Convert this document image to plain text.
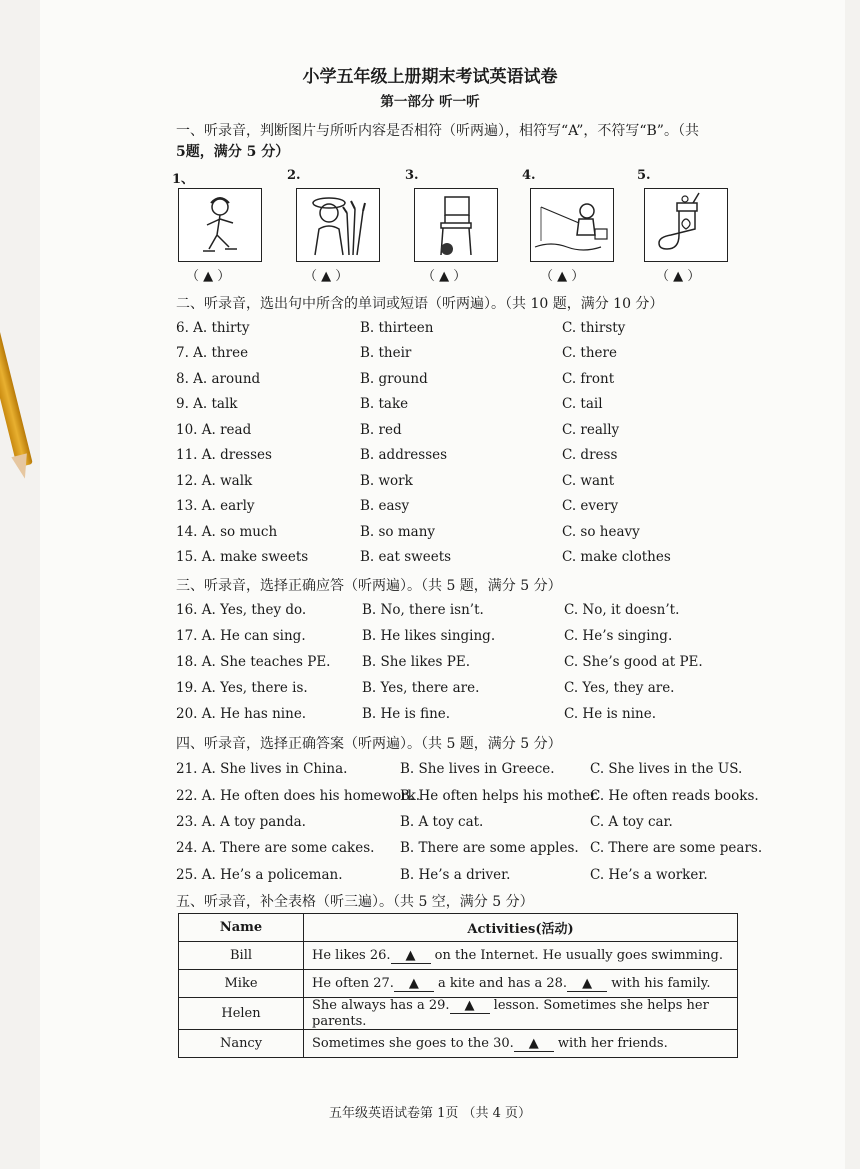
小学五年级上册期末考试英语试卷
第一部分 听一听
一、听录音，判断图片与所听内容是否相符（听两遍），相符写“A”，不符写“B”。（共
5题，满分 5 分）
1、
（ ▲ ）
2.
（ ▲ ）
3.
（ ▲ ）
4.
（ ▲ ）
5.
（ ▲ ）
二、听录音，选出句中所含的单词或短语（听两遍）。（共 10 题，满分 10 分）
6. A. thirty	B. thirteen	C. thirsty
7. A. three	B. their	C. there
8. A. around	B. ground	C. front
9. A. talk	B. take	C. tail
10. A. read	B. red	C. really
11. A. dresses	B. addresses	C. dress
12. A. walk	B. work	C. want
13. A. early	B. easy	C. every
14. A. so much	B. so many	C. so heavy
15. A. make sweets	B. eat sweets	C. make clothes
三、听录音，选择正确应答（听两遍）。（共 5 题，满分 5 分）
16. A. Yes, they do.	B. No, there isn’t.	C. No, it doesn’t.
17. A. He can sing.	B. He likes singing.	C. He’s singing.
18. A. She teaches PE. B. She likes PE.	C. She’s good at PE.
19. A. Yes, there is.	B. Yes, there are.	C. Yes, they are.
20. A. He has nine.	B. He is fine.	C. He is nine.
四、听录音，选择正确答案（听两遍）。（共 5 题，满分 5 分）
21. A. She lives in China.	B. She lives in Greece.	C. She lives in the US.
22. A. He often does his homework.
B. He often helps his mother.
C. He often reads books.
23. A. A toy panda.	B. A toy cat.	C. A toy car.
24. A. There are some cakes. B. There are some apples. C. There are some pears.
25. A. He’s a policeman.	B. He’s a driver.	C. He’s a worker.
五、听录音，补全表格（听三遍）。（共 5 空，满分 5 分）
Name	Activities(活动)
Bill	He likes 26. ▲ on the Internet. He usually goes swimming.
Mike	He often 27. ▲ a kite and has a 28. ▲ with his family.
Helen	She always has a 29. ▲ lesson. Sometimes she helps her parents.
Nancy	Sometimes she goes to the 30. ▲ with her friends.
五年级英语试卷第 1页 （共 4 页）
